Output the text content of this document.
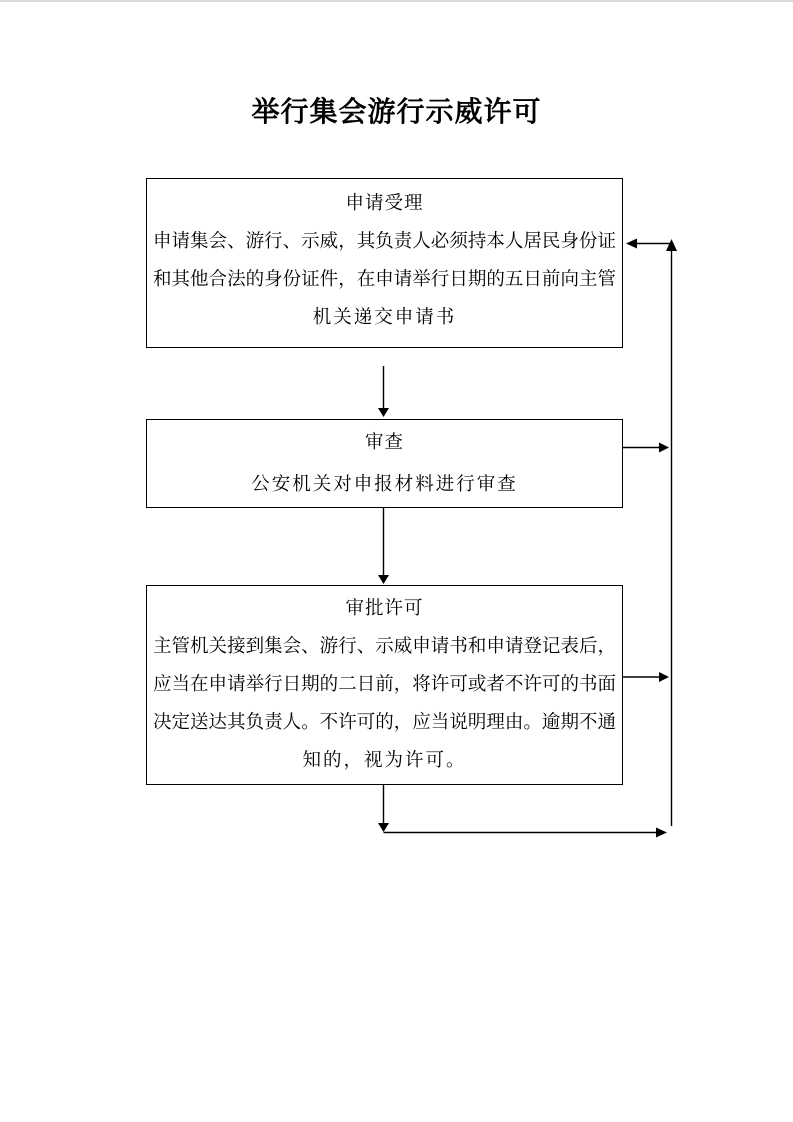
举行集会游行示威许可
申请受理
申请集会、游行、示威，其负责人必须持本人居民身份证
和其他合法的身份证件，在申请举行日期的五日前向主管
机关递交申请书
审查
公安机关对申报材料进行审查
审批许可
主管机关接到集会、游行、示威申请书和申请登记表后，
应当在申请举行日期的二日前，将许可或者不许可的书面
决定送达其负责人。不许可的，应当说明理由。逾期不通
知的，视为许可。
